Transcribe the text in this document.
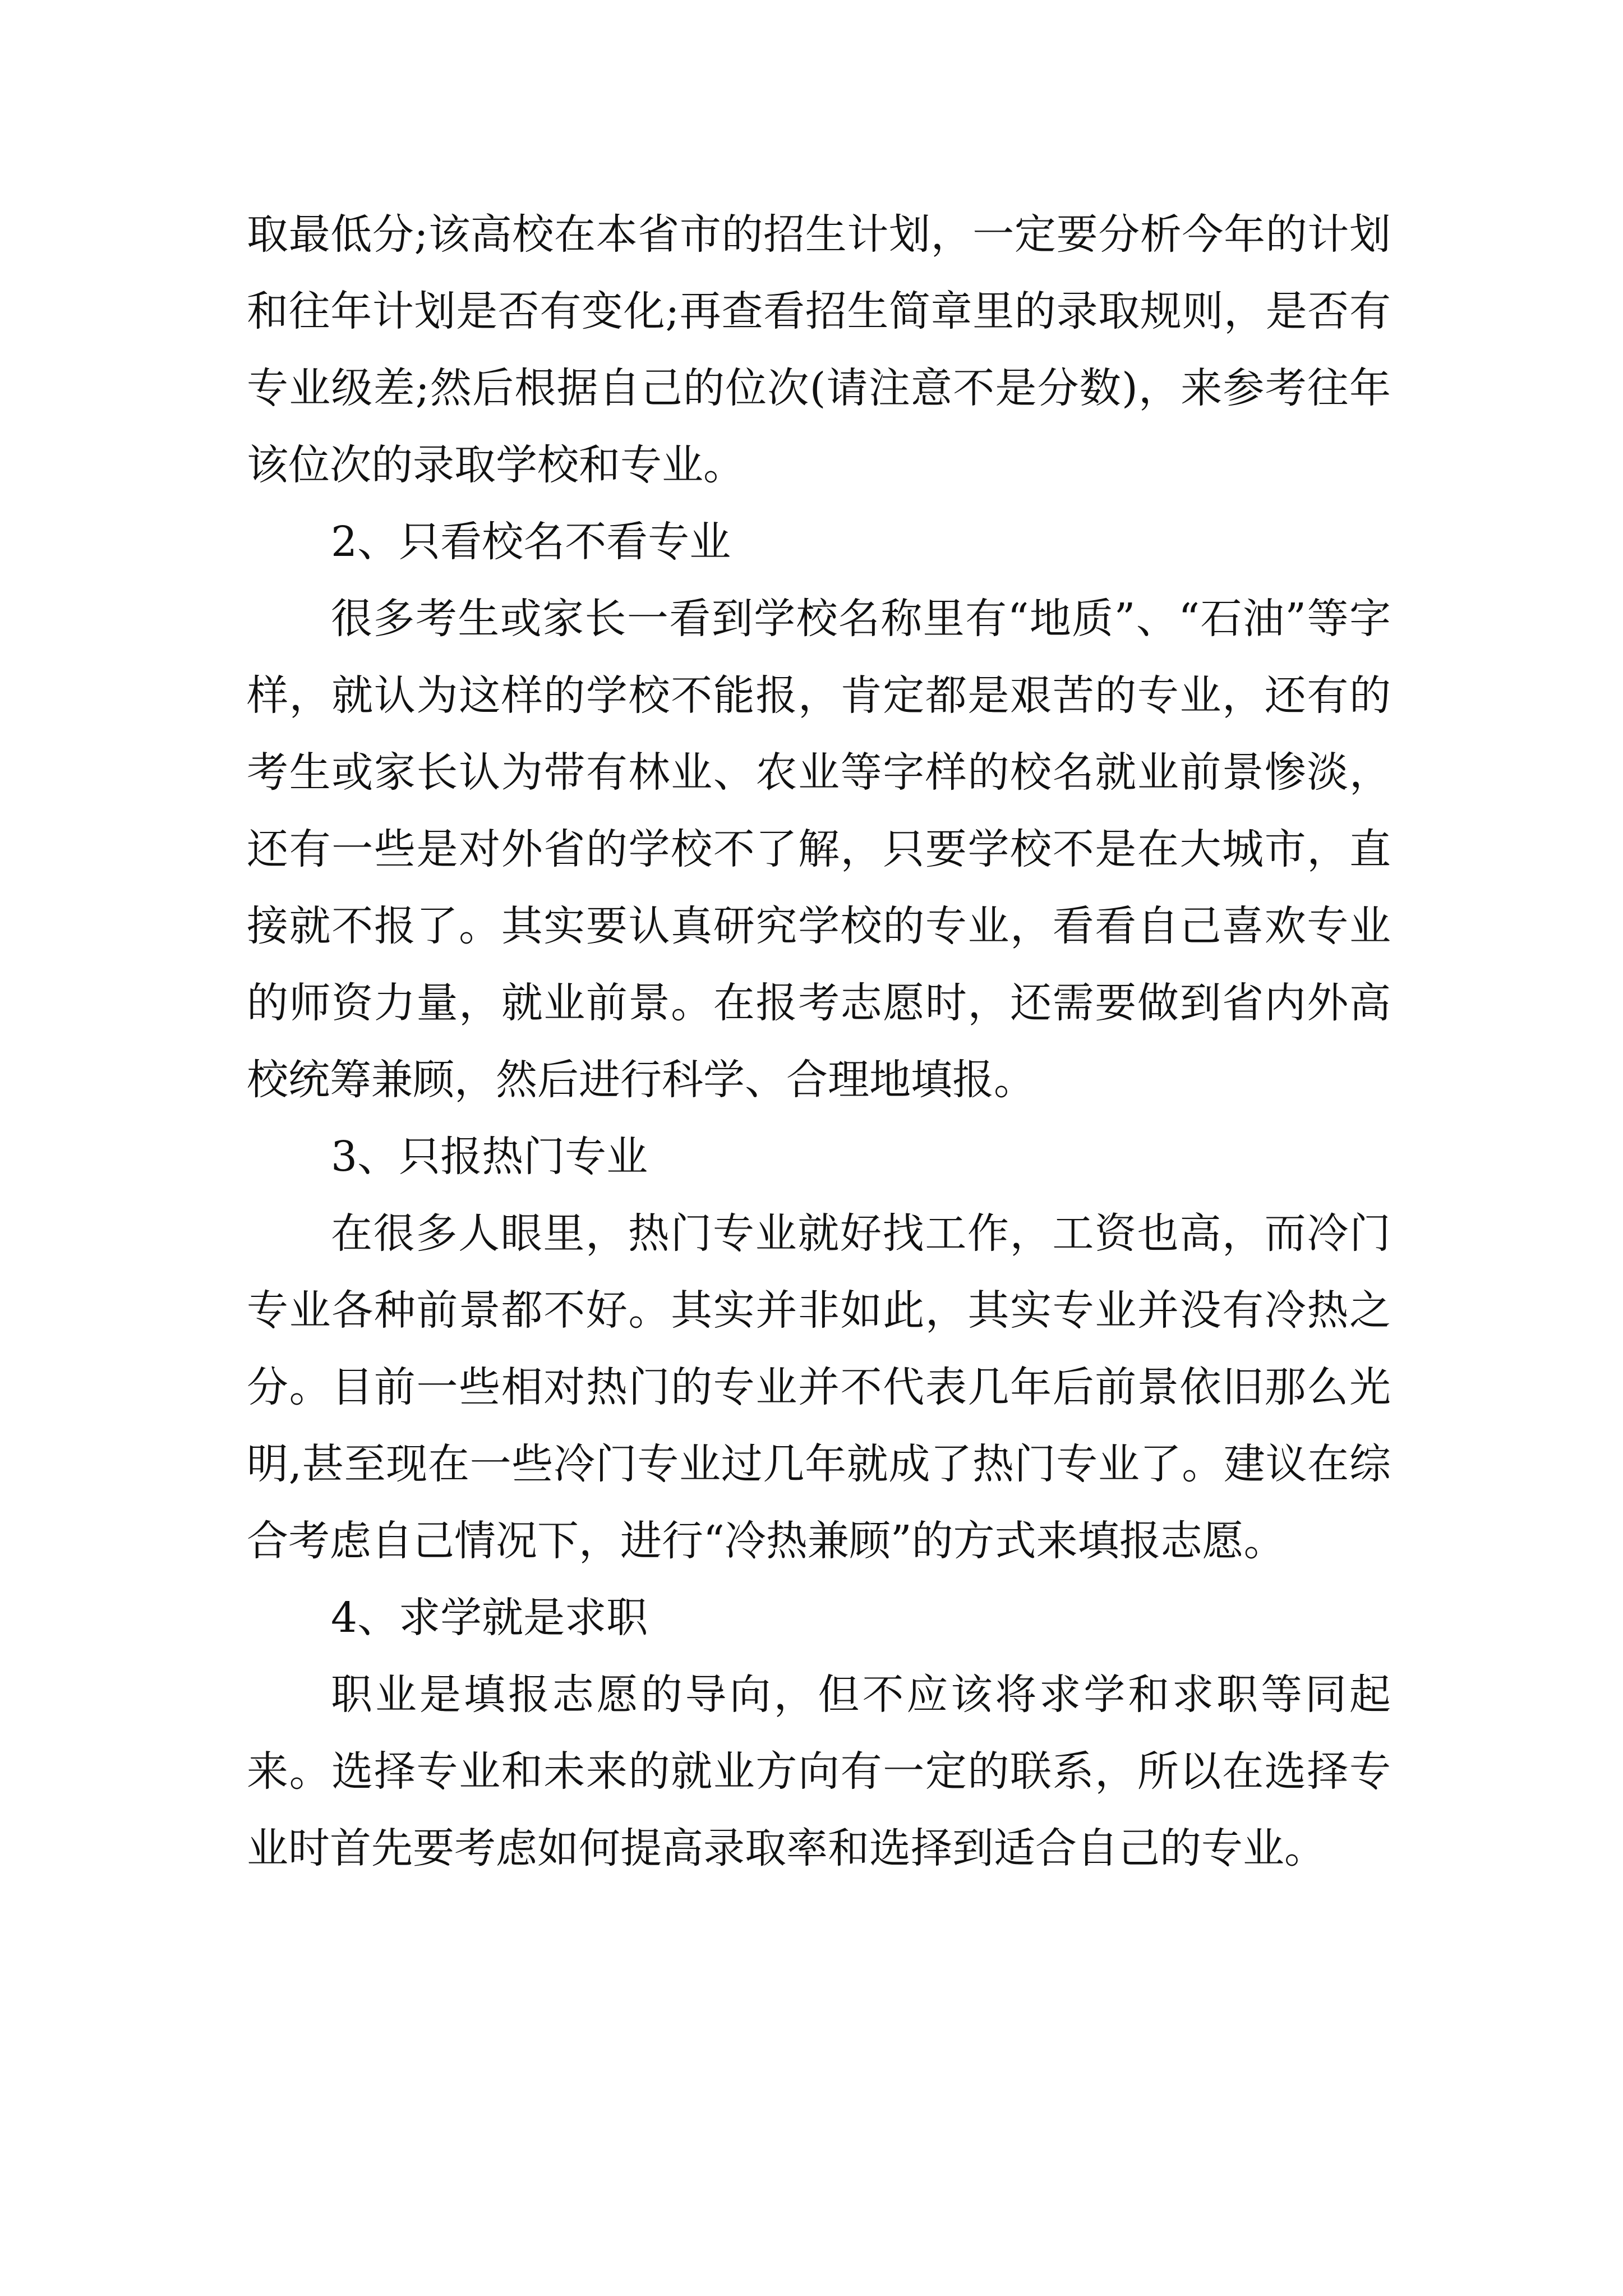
取最低分;该高校在本省市的招生计划，一定要分析今年的计划和往年计划是否有变化;再查看招生简章里的录取规则，是否有专业级差;然后根据自己的位次(请注意不是分数)，来参考往年该位次的录取学校和专业。

2、只看校名不看专业

很多考生或家长一看到学校名称里有“地质”、“石油”等字样，就认为这样的学校不能报，肯定都是艰苦的专业，还有的考生或家长认为带有林业、农业等字样的校名就业前景惨淡，还有一些是对外省的学校不了解，只要学校不是在大城市，直接就不报了。其实要认真研究学校的专业，看看自己喜欢专业的师资力量，就业前景。在报考志愿时，还需要做到省内外高校统筹兼顾，然后进行科学、合理地填报。

3、只报热门专业

在很多人眼里，热门专业就好找工作，工资也高，而冷门专业各种前景都不好。其实并非如此，其实专业并没有冷热之分。目前一些相对热门的专业并不代表几年后前景依旧那么光明,甚至现在一些冷门专业过几年就成了热门专业了。建议在综合考虑自己情况下，进行“冷热兼顾”的方式来填报志愿。

4、求学就是求职

职业是填报志愿的导向，但不应该将求学和求职等同起来。选择专业和未来的就业方向有一定的联系，所以在选择专业时首先要考虑如何提高录取率和选择到适合自己的专业。
